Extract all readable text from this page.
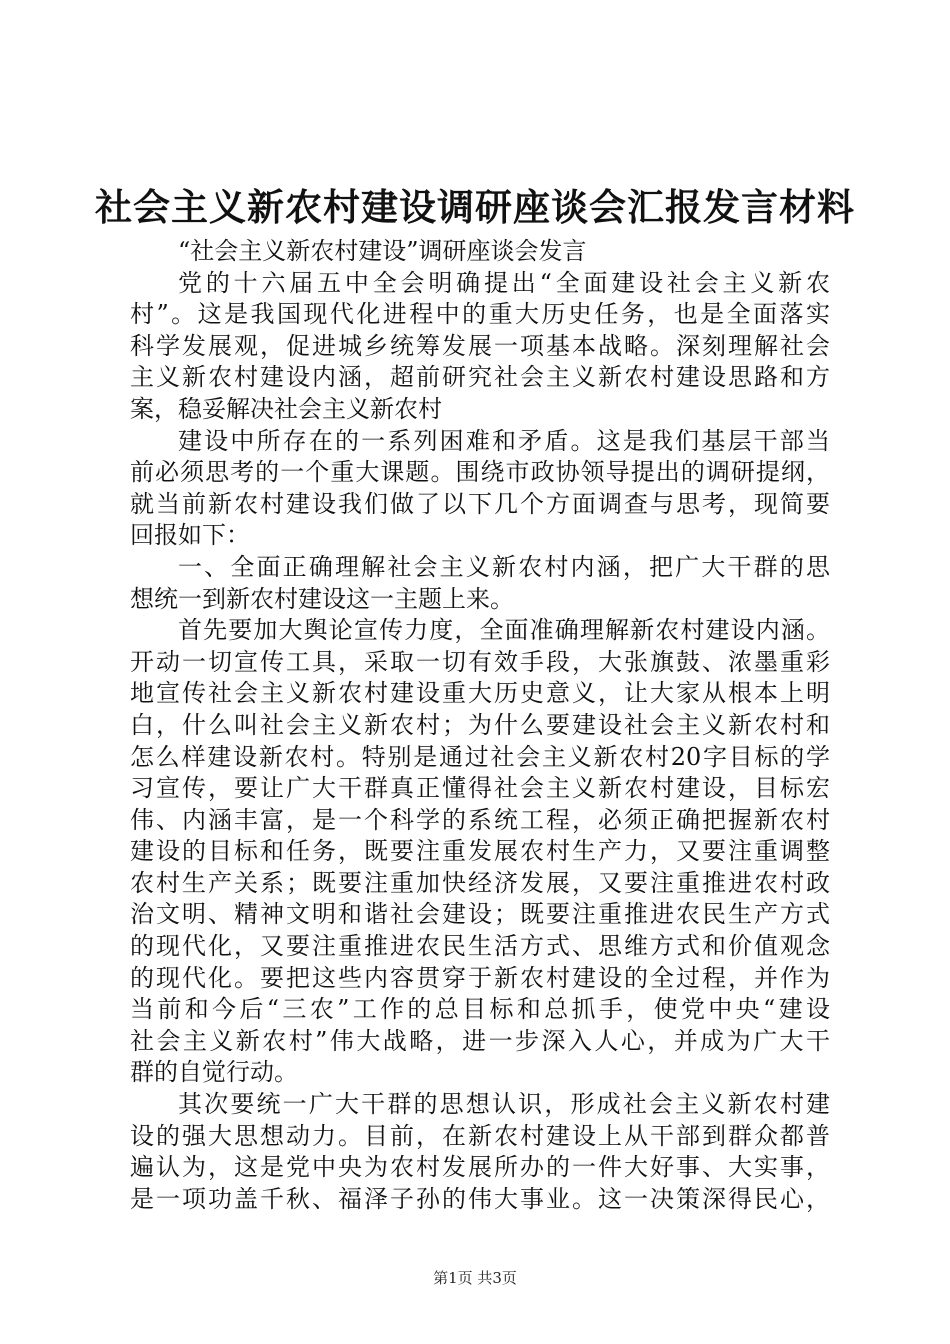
社会主义新农村建设调研座谈会汇报发言材料
“社会主义新农村建设”调研座谈会发言
党的十六届五中全会明确提出“全面建设社会主义新农
村”。这是我国现代化进程中的重大历史任务，也是全面落实
科学发展观，促进城乡统筹发展一项基本战略。深刻理解社会
主义新农村建设内涵，超前研究社会主义新农村建设思路和方
案，稳妥解决社会主义新农村
建设中所存在的一系列困难和矛盾。这是我们基层干部当
前必须思考的一个重大课题。围绕市政协领导提出的调研提纲，
就当前新农村建设我们做了以下几个方面调查与思考，现简要
回报如下：
一、全面正确理解社会主义新农村内涵，把广大干群的思
想统一到新农村建设这一主题上来。
首先要加大舆论宣传力度，全面准确理解新农村建设内涵。
开动一切宣传工具，采取一切有效手段，大张旗鼓、浓墨重彩
地宣传社会主义新农村建设重大历史意义，让大家从根本上明
白，什么叫社会主义新农村；为什么要建设社会主义新农村和
怎么样建设新农村。特别是通过社会主义新农村20字目标的学
习宣传，要让广大干群真正懂得社会主义新农村建设，目标宏
伟、内涵丰富，是一个科学的系统工程，必须正确把握新农村
建设的目标和任务，既要注重发展农村生产力，又要注重调整
农村生产关系；既要注重加快经济发展，又要注重推进农村政
治文明、精神文明和谐社会建设；既要注重推进农民生产方式
的现代化，又要注重推进农民生活方式、思维方式和价值观念
的现代化。要把这些内容贯穿于新农村建设的全过程，并作为
当前和今后“三农”工作的总目标和总抓手，使党中央“建设
社会主义新农村”伟大战略，进一步深入人心，并成为广大干
群的自觉行动。
其次要统一广大干群的思想认识，形成社会主义新农村建
设的强大思想动力。目前，在新农村建设上从干部到群众都普
遍认为，这是党中央为农村发展所办的一件大好事、大实事，
是一项功盖千秋、福泽子孙的伟大事业。这一决策深得民心，
第1页 共3页
